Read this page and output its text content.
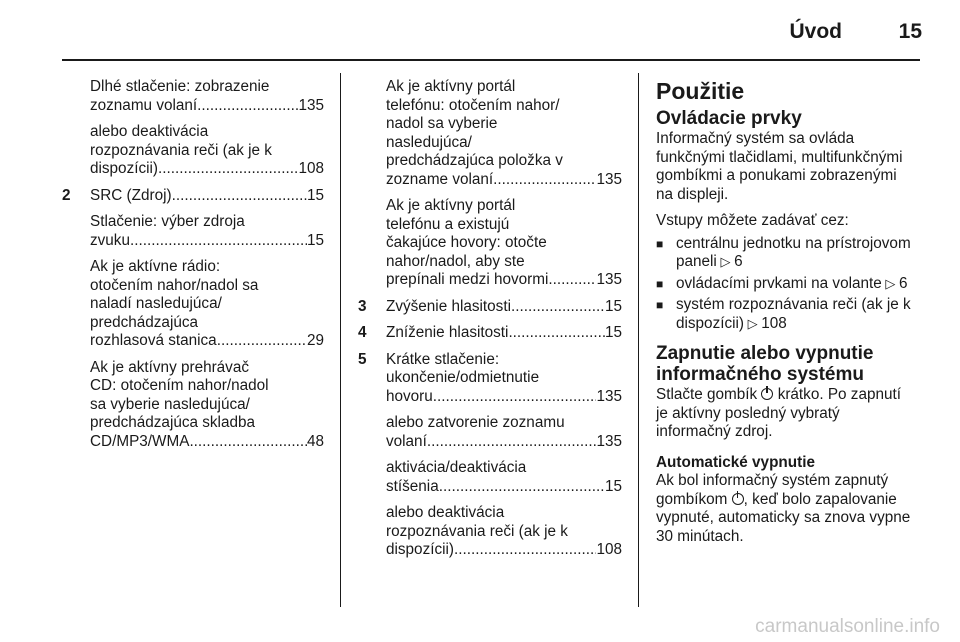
Úvod	15
Dlhé stlačenie: zobrazenie
zoznamu volaní .....	135
alebo deaktivácia
rozpoznávania reči (ak je k
dispozícii) .....	108
2 SRC (Zdroj) .....	15
Stlačenie: výber zdroja
zvuku .....	15
Ak je aktívne rádio:
otočením nahor/nadol sa
naladí nasledujúca/
predchádzajúca
rozhlasová stanica .....	29
Ak je aktívny prehrávač
CD: otočením nahor/nadol
sa vyberie nasledujúca/
predchádzajúca skladba
CD/MP3/WMA .....	48
Ak je aktívny portál
telefónu: otočením nahor/
nadol sa vyberie
nasledujúca/
predchádzajúca položka v
zozname volaní .....	135
Ak je aktívny portál
telefónu a existujú
čakajúce hovory: otočte
nahor/nadol, aby ste
prepínali medzi hovormi .....	135
3 Zvýšenie hlasitosti .....	15
4 Zníženie hlasitosti .....	15
5 Krátke stlačenie:
ukončenie/odmietnutie
hovoru .....	135
alebo zatvorenie zoznamu
volaní .....	135
aktivácia/deaktivácia
stíšenia .....	15
alebo deaktivácia
rozpoznávania reči (ak je k
dispozícii) .....	108
Použitie
Ovládacie prvky
Informačný systém sa ovláda
funkčnými tlačidlami, multifunkčnými
gombíkmi a ponukami zobrazenými
na displeji.
Vstupy môžete zadávať cez:
■ centrálnu jednotku na prístrojovom
paneli ▷ 6
■ ovládacími prvkami na volante ▷ 6
■ systém rozpoznávania reči (ak je k
dispozícii) ▷ 108
Zapnutie alebo vypnutie
informačného systému
Stlačte gombík krátko. Po zapnutí
je aktívny posledný vybratý
informačný zdroj.
Automatické vypnutie
Ak bol informačný systém zapnutý
gombíkom , keď bolo zapalovanie
vypnuté, automaticky sa znova vypne
30 minútach.
carmanualsonline.info
